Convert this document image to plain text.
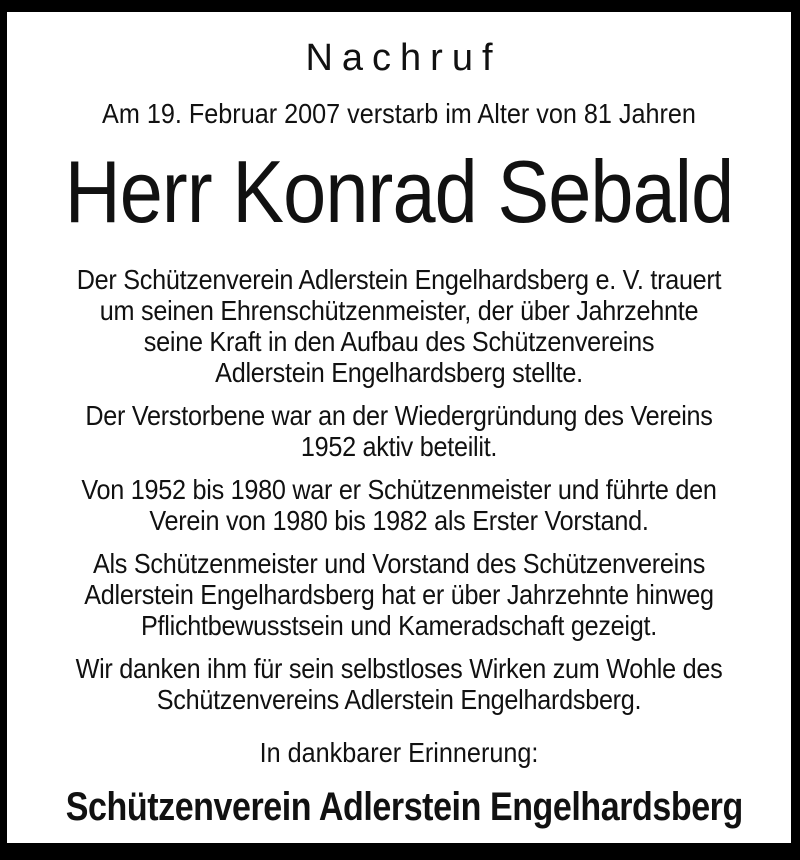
Nachruf
Am 19. Februar 2007 verstarb im Alter von 81 Jahren
Herr Konrad Sebald
Der Schützenverein Adlerstein Engelhardsberg e. V. trauert
um seinen Ehrenschützenmeister, der über Jahrzehnte
seine Kraft in den Aufbau des Schützenvereins
Adlerstein Engelhardsberg stellte.
Der Verstorbene war an der Wiedergründung des Vereins
1952 aktiv beteilit.
Von 1952 bis 1980 war er Schützenmeister und führte den
Verein von 1980 bis 1982 als Erster Vorstand.
Als Schützenmeister und Vorstand des Schützenvereins
Adlerstein Engelhardsberg hat er über Jahrzehnte hinweg
Pflichtbewusstsein und Kameradschaft gezeigt.
Wir danken ihm für sein selbstloses Wirken zum Wohle des
Schützenvereins Adlerstein Engelhardsberg.
In dankbarer Erinnerung:
Schützenverein Adlerstein Engelhardsberg
